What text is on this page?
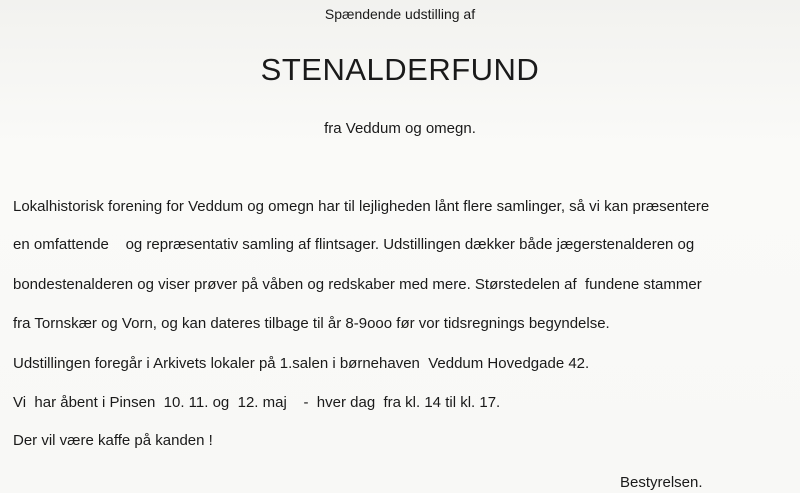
Spændende udstilling af
STENALDERFUND
fra Veddum og omegn.
Lokalhistorisk forening for Veddum og omegn har til lejligheden lånt flere samlinger, så vi kan præsentere
en omfattende    og repræsentativ samling af flintsager. Udstillingen dækker både jægerstenalderen og
bondestenalderen og viser prøver på våben og redskaber med mere. Størstedelen af  fundene stammer
fra Tornskær og Vorn, og kan dateres tilbage til år 8-9ooo før vor tidsregnings begyndelse.
Udstillingen foregår i Arkivets lokaler på 1.salen i børnehaven  Veddum Hovedgade 42.
Vi  har åbent i Pinsen  10. 11. og  12. maj    -  hver dag  fra kl. 14 til kl. 17.
Der vil være kaffe på kanden !
Bestyrelsen.
